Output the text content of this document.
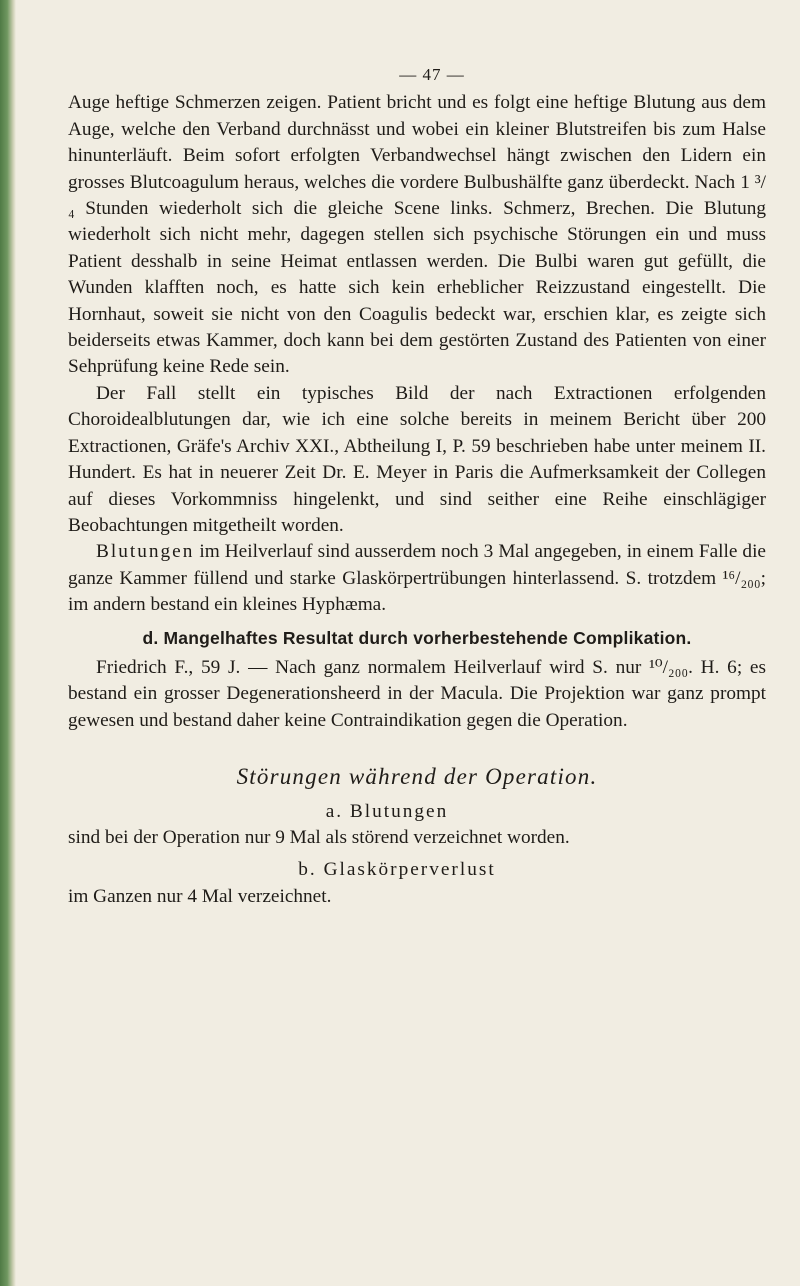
— 47 —

Auge heftige Schmerzen zeigen. Patient bricht und es folgt eine heftige Blutung aus dem Auge, welche den Verband durchnässt und wobei ein kleiner Blutstreifen bis zum Halse hinunterläuft. Beim sofort erfolgten Verbandwechsel hängt zwischen den Lidern ein grosses Blutcoagulum heraus, welches die vordere Bulbushälfte ganz überdeckt. Nach 1 ³/₄ Stunden wiederholt sich die gleiche Scene links. Schmerz, Brechen. Die Blutung wiederholt sich nicht mehr, dagegen stellen sich psychische Störungen ein und muss Patient desshalb in seine Heimat entlassen werden. Die Bulbi waren gut gefüllt, die Wunden klafften noch, es hatte sich kein erheblicher Reizzustand eingestellt. Die Hornhaut, soweit sie nicht von den Coagulis bedeckt war, erschien klar, es zeigte sich beiderseits etwas Kammer, doch kann bei dem gestörten Zustand des Patienten von einer Sehprüfung keine Rede sein.

Der Fall stellt ein typisches Bild der nach Extractionen erfolgenden Choroidealblutungen dar, wie ich eine solche bereits in meinem Bericht über 200 Extractionen, Gräfe's Archiv XXI., Abtheilung I, P. 59 beschrieben habe unter meinem II. Hundert. Es hat in neuerer Zeit Dr. E. Meyer in Paris die Aufmerksamkeit der Collegen auf dieses Vorkommniss hingelenkt, und sind seither eine Reihe einschlägiger Beobachtungen mitgetheilt worden.

Blutungen im Heilverlauf sind ausserdem noch 3 Mal angegeben, in einem Falle die ganze Kammer füllend und starke Glaskörpertrübungen hinterlassend. S. trotzdem ¹⁶/₂₀₀; im andern bestand ein kleines Hyphæma.

d. Mangelhaftes Resultat durch vorherbestehende Complikation.

Friedrich F., 59 J. — Nach ganz normalem Heilverlauf wird S. nur ¹⁰/₂₀₀. H. 6; es bestand ein grosser Degenerationsheerd in der Macula. Die Projektion war ganz prompt gewesen und bestand daher keine Contraindikation gegen die Operation.

Störungen während der Operation.
a. Blutungen

sind bei der Operation nur 9 Mal als störend verzeichnet worden.

b. Glaskörperverlust

im Ganzen nur 4 Mal verzeichnet.
